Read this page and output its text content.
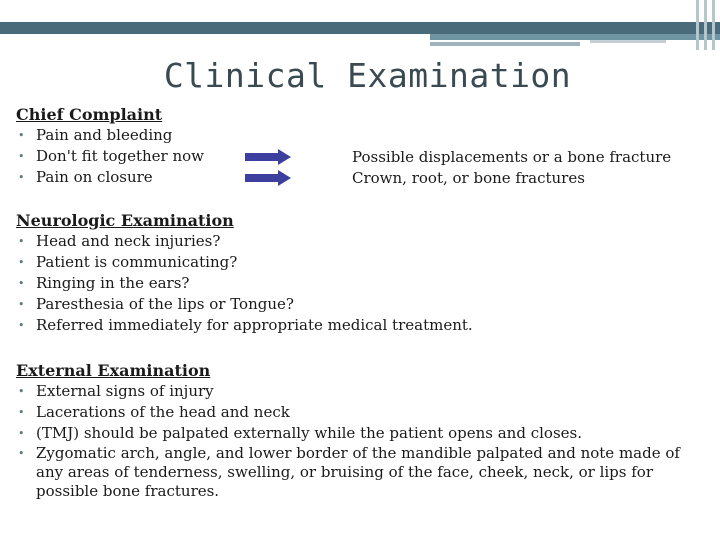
Clinical Examination

Chief Complaint

• Pain and bleeding
• Don't fit together now
• Pain on closure
Possible displacements or a bone fracture
Crown, root, or bone fractures

Neurologic Examination

• Head and neck injuries?
• Patient is communicating?
• Ringing in the ears?
• Paresthesia of the lips or Tongue?
• Referred immediately for appropriate medical treatment.

External Examination

• External signs of injury
• Lacerations of the head and neck
• (TMJ) should be palpated externally while the patient opens and closes.
• Zygomatic arch, angle, and lower border of the mandible palpated and note made of any areas of tenderness, swelling, or bruising of the face, cheek, neck, or lips for possible bone fractures.
